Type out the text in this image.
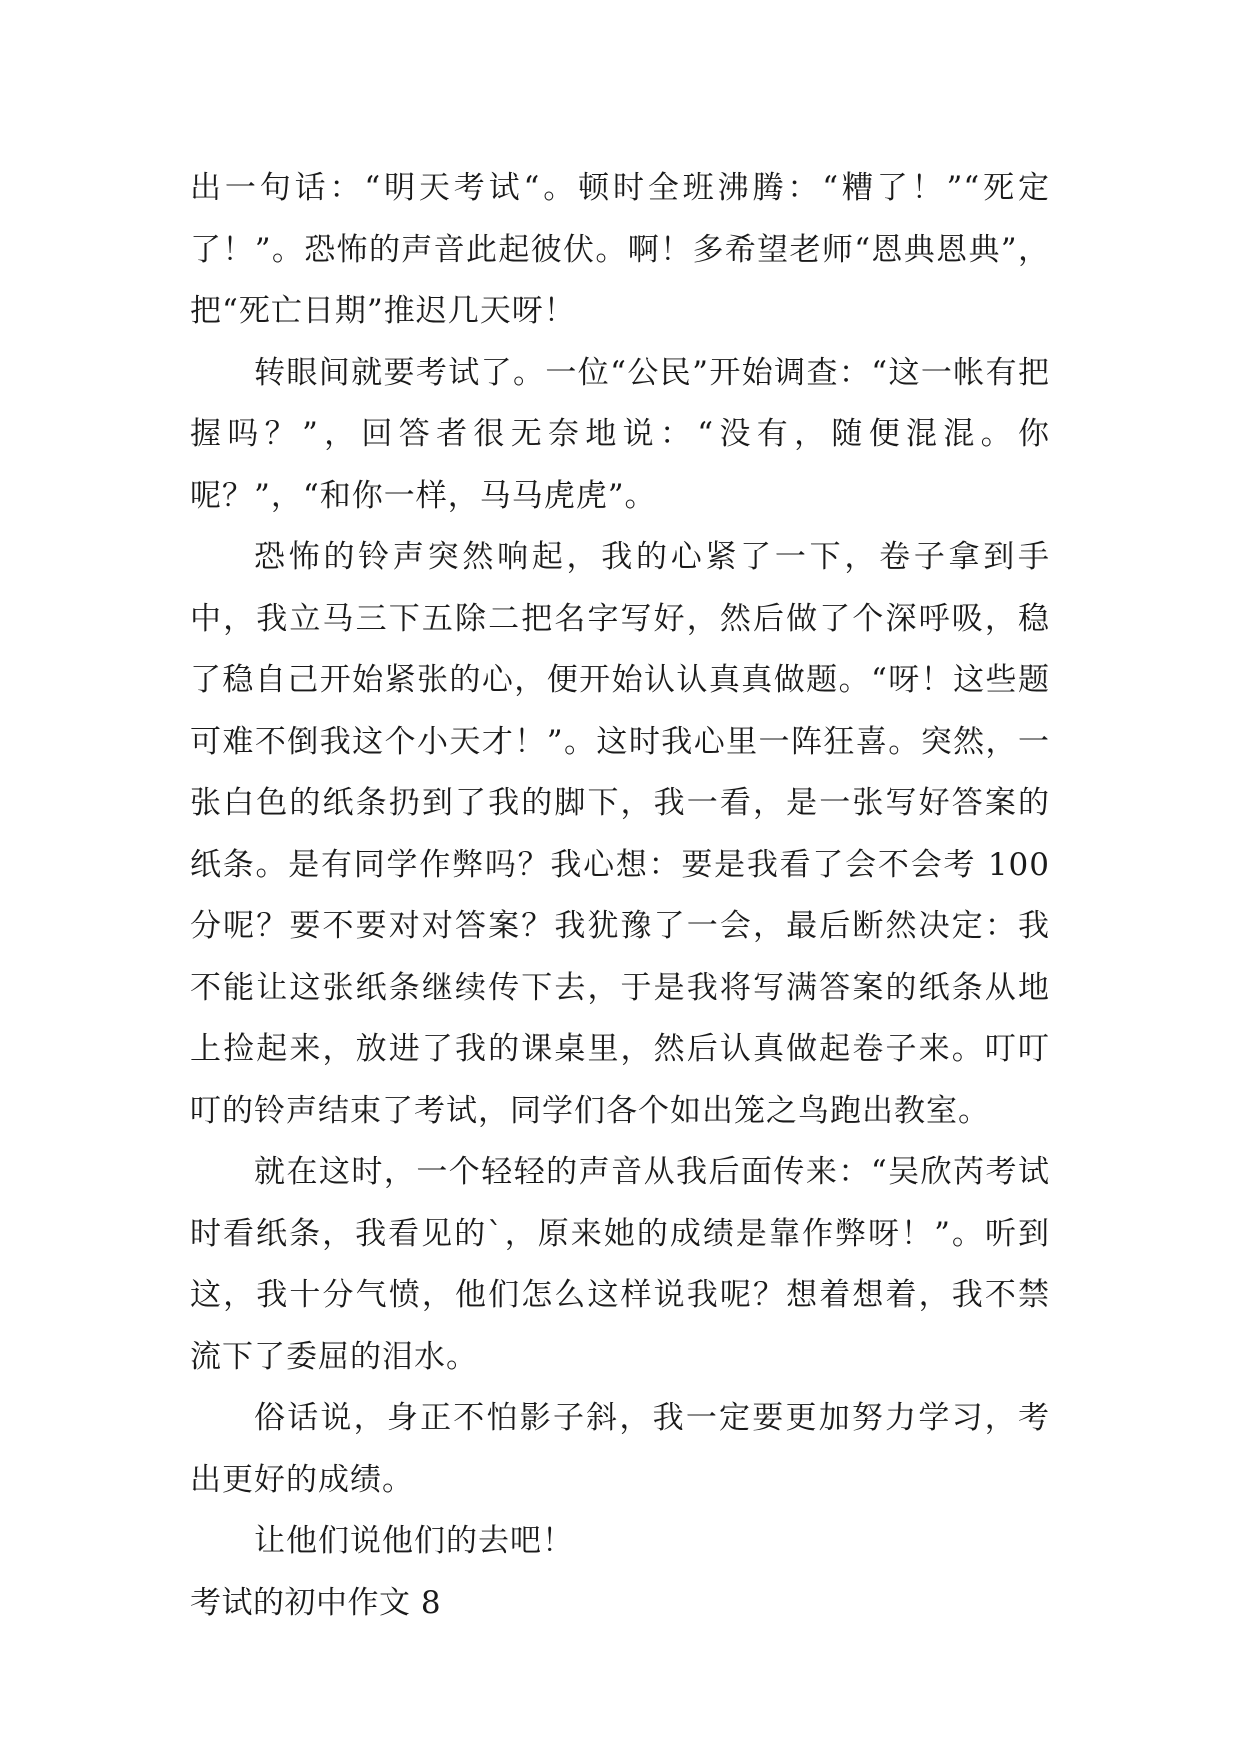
出一句话：“明天考试“。顿时全班沸腾：“糟了！”“死定了！”。恐怖的声音此起彼伏。啊！多希望老师“恩典恩典”，把“死亡日期”推迟几天呀！

转眼间就要考试了。一位“公民”开始调查：“这一帐有把握吗？”，回答者很无奈地说：“没有，随便混混。你呢？”，“和你一样，马马虎虎”。

恐怖的铃声突然响起，我的心紧了一下，卷子拿到手中，我立马三下五除二把名字写好，然后做了个深呼吸，稳了稳自己开始紧张的心，便开始认认真真做题。“呀！这些题可难不倒我这个小天才！”。这时我心里一阵狂喜。突然，一张白色的纸条扔到了我的脚下，我一看，是一张写好答案的纸条。是有同学作弊吗？我心想：要是我看了会不会考 100 分呢？要不要对对答案？我犹豫了一会，最后断然决定：我不能让这张纸条继续传下去，于是我将写满答案的纸条从地上捡起来，放进了我的课桌里，然后认真做起卷子来。叮叮叮的铃声结束了考试，同学们各个如出笼之鸟跑出教室。

就在这时，一个轻轻的声音从我后面传来：“吴欣芮考试时看纸条，我看见的`，原来她的成绩是靠作弊呀！”。听到这，我十分气愤，他们怎么这样说我呢？想着想着，我不禁流下了委屈的泪水。

俗话说，身正不怕影子斜，我一定要更加努力学习，考出更好的成绩。

让他们说他们的去吧！

考试的初中作文 8
